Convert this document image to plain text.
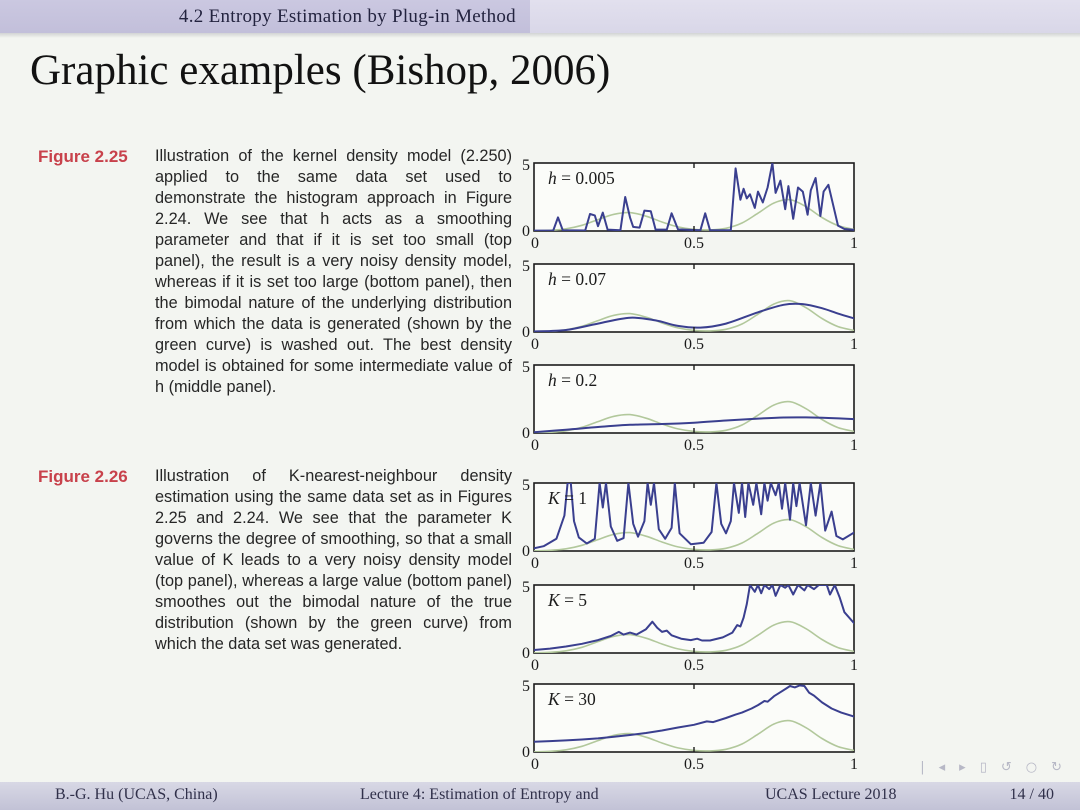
4.2 Entropy Estimation by Plug-in Method
Graphic examples (Bishop, 2006)
Figure 2.25	Illustration of the kernel density model (2.250) applied to the same data set used to demonstrate the histogram approach in Figure 2.24. We see that h acts as a smoothing parameter and that if it is set too small (top panel), the result is a very noisy density model, whereas if it is set too large (bottom panel), then the bimodal nature of the underlying distribution from which the data is generated (shown by the green curve) is washed out. The best density model is obtained for some intermediate value of h (middle panel).
Figure 2.26	Illustration of K-nearest-neighbour density estimation using the same data set as in Figures 2.25 and 2.24. We see that the parameter K governs the degree of smoothing, so that a small value of K leads to a very noisy density model (top panel), whereas a large value (bottom panel) smoothes out the bimodal nature of the true distribution (shown by the green curve) from which the data set was generated.
5
0
0	0.5	1
h = 0.005
5
0
0	0.5	1
h = 0.07
5
0
0	0.5	1
h = 0.2
5
0
0	0.5	1
K = 1
5
0
0	0.5	1
K = 5
5
0
0	0.5	1
K = 30
| ◂ ▸ ▯ ↺ ○ ↻
B.-G. Hu (UCAS, China)	Lecture 4: Estimation of Entropy and	UCAS Lecture 2018	14 / 40
